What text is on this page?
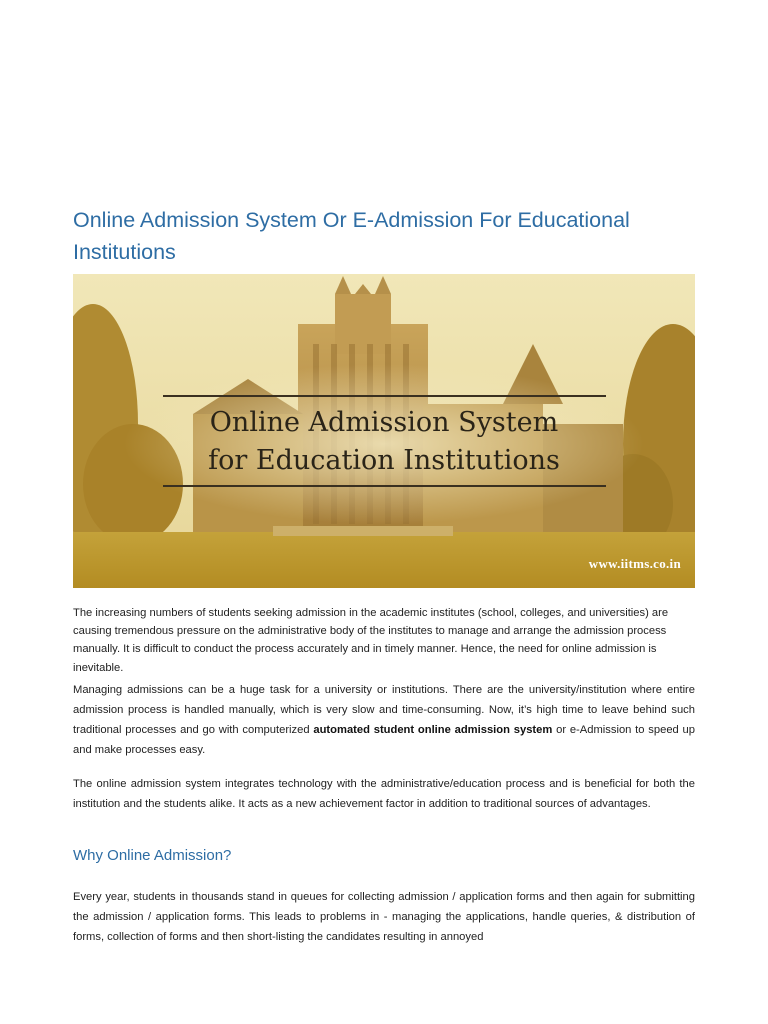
Online Admission System Or E-Admission For Educational Institutions
Online Admission System
for Education Institutions
www.iitms.co.in

The increasing numbers of students seeking admission in the academic institutes (school, colleges, and universities) are causing tremendous pressure on the administrative body of the institutes to manage and arrange the admission process manually. It is difficult to conduct the process accurately and in timely manner. Hence, the need for online admission is inevitable.

Managing admissions can be a huge task for a university or institutions. There are the university/institution where entire admission process is handled manually, which is very slow and time-consuming. Now, it’s high time to leave behind such traditional processes and go with computerized automated student online admission system or e-Admission to speed up and make processes easy.

The online admission system integrates technology with the administrative/education process and is beneficial for both the institution and the students alike. It acts as a new achievement factor in addition to traditional sources of advantages.

Why Online Admission?

Every year, students in thousands stand in queues for collecting admission / application forms and then again for submitting the admission / application forms. This leads to problems in - managing the applications, handle queries, & distribution of forms, collection of forms and then short-listing the candidates resulting in annoyed
